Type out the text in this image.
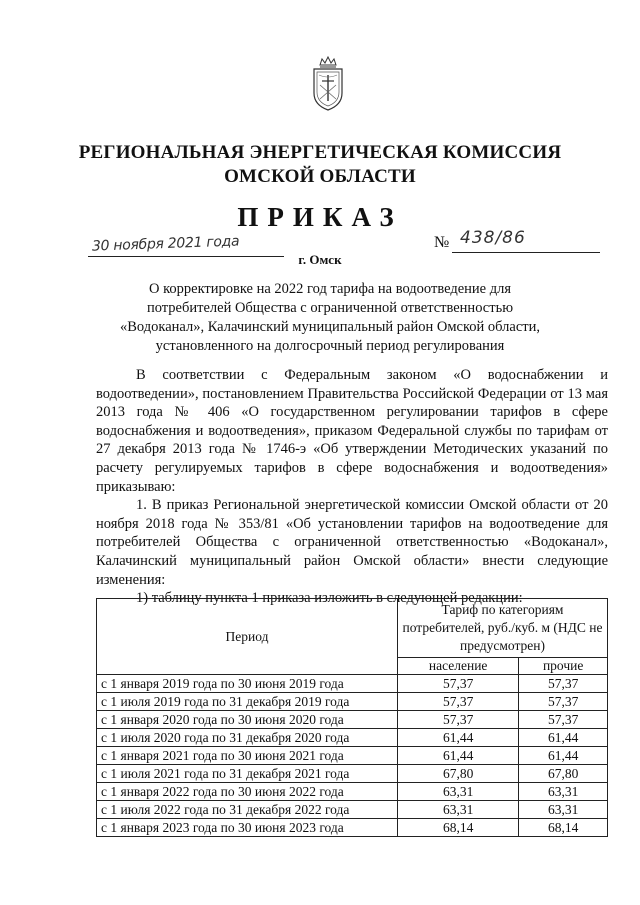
РЕГИОНАЛЬНАЯ ЭНЕРГЕТИЧЕСКАЯ КОМИССИЯ
ОМСКОЙ ОБЛАСТИ
ПРИКАЗ
30 ноября 2021 года	№ 438/86
г. Омск
О корректировке на 2022 год тарифа на водоотведение для потребителей Общества с ограниченной ответственностью «Водоканал», Калачинский муниципальный район Омской области, установленного на долгосрочный период регулирования

В соответствии с Федеральным законом «О водоснабжении и водоотведении», постановлением Правительства Российской Федерации от 13 мая 2013 года № 406 «О государственном регулировании тарифов в сфере водоснабжения и водоотведения», приказом Федеральной службы по тарифам от 27 декабря 2013 года № 1746-э «Об утверждении Методических указаний по расчету регулируемых тарифов в сфере водоснабжения и водоотведения» приказываю:

1. В приказ Региональной энергетической комиссии Омской области от 20 ноября 2018 года № 353/81 «Об установлении тарифов на водоотведение для потребителей Общества с ограниченной ответственностью «Водоканал», Калачинский муниципальный район Омской области» внести следующие изменения:

1) таблицу пункта 1 приказа изложить в следующей редакции:

Период	Тариф по категориям потребителей, руб./куб. м (НДС не предусмотрен)	
	население	прочие
с 1 января 2019 года по 30 июня 2019 года	57,37	57,37
с 1 июля 2019 года по 31 декабря 2019 года	57,37	57,37
с 1 января 2020 года по 30 июня 2020 года	57,37	57,37
с 1 июля 2020 года по 31 декабря 2020 года	61,44	61,44
с 1 января 2021 года по 30 июня 2021 года	61,44	61,44
с 1 июля 2021 года по 31 декабря 2021 года	67,80	67,80
с 1 января 2022 года по 30 июня 2022 года	63,31	63,31
с 1 июля 2022 года по 31 декабря 2022 года	63,31	63,31
с 1 января 2023 года по 30 июня 2023 года	68,14	68,14
